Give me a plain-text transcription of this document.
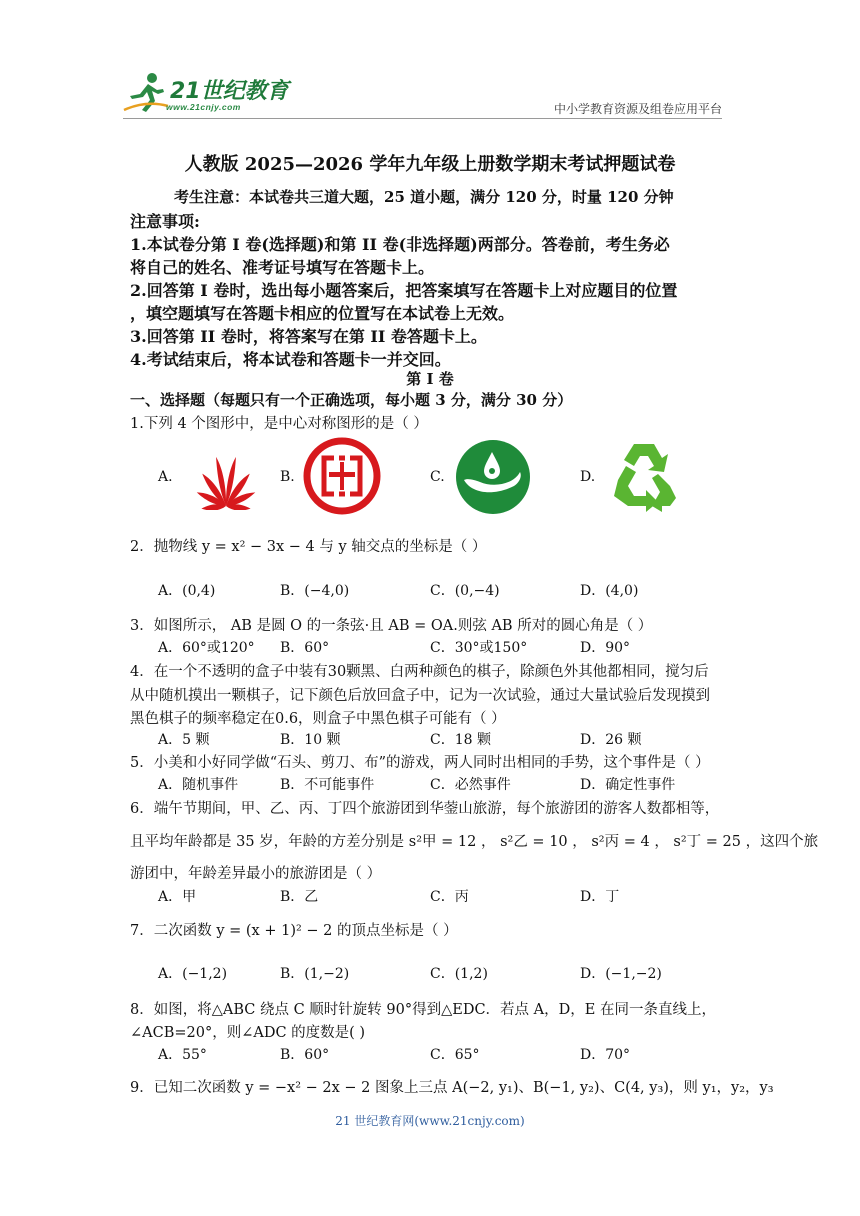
21世纪教育
www.21cnjy.com	中小学教育资源及组卷应用平台
人教版 2025—2026 学年九年级上册数学期末考试押题试卷
考生注意：本试卷共三道大题，25 道小题，满分 120 分，时量 120 分钟
注意事项:
1.本试卷分第 I 卷(选择题)和第 II 卷(非选择题)两部分。答卷前，考生务必
将自己的姓名、准考证号填写在答题卡上。
2.回答第 I 卷时，选出每小题答案后，把答案填写在答题卡上对应题目的位置
，填空题填写在答题卡相应的位置写在本试卷上无效。
3.回答第 II 卷时，将答案写在第 II 卷答题卡上。
4.考试结束后，将本试卷和答题卡一并交回。
第 I 卷
一、选择题（每题只有一个正确选项，每小题 3 分，满分 30 分）
1.下列 4 个图形中，是中心对称图形的是（ ）
A.	B.	C.	D.
2．抛物线 y = x² − 3x − 4 与 y 轴交点的坐标是（ ）
A．(0,4)	B．(−4,0)	C．(0,−4)	D．(4,0)
3．如图所示， AB 是圆 O 的一条弦·且 AB = OA.则弦 AB 所对的圆心角是（ ）
A．60°或120° B．60°	C．30°或150°	D．90°
4．在一个不透明的盒子中装有30颗黑、白两种颜色的棋子，除颜色外其他都相同，搅匀后
从中随机摸出一颗棋子，记下颜色后放回盒子中，记为一次试验，通过大量试验后发现摸到
黑色棋子的频率稳定在0.6，则盒子中黑色棋子可能有（ ）
A．5 颗	B．10 颗	C．18 颗	D．26 颗
5．小美和小好同学做“石头、剪刀、布”的游戏，两人同时出相同的手势，这个事件是（ ）
A．随机事件	B．不可能事件	C．必然事件	D．确定性事件
6．端午节期间，甲、乙、丙、丁四个旅游团到华蓥山旅游，每个旅游团的游客人数都相等，
且平均年龄都是 35 岁，年龄的方差分别是 s²甲 = 12 ， s²乙 = 10 ， s²丙 = 4 ， s²丁 = 25 ，这四个旅
游团中，年龄差异最小的旅游团是（ ）
A．甲	B．乙	C．丙	D．丁
7．二次函数 y = (x + 1)² − 2 的顶点坐标是（ ）
A．(−1,2)	B．(1,−2)	C．(1,2)	D．(−1,−2)
8．如图，将△ABC 绕点 C 顺时针旋转 90°得到△EDC．若点 A，D，E 在同一条直线上，
∠ACB=20°，则∠ADC 的度数是( )
A．55°	B．60°	C．65°	D．70°
9．已知二次函数 y = −x² − 2x − 2 图象上三点 A(−2, y₁)、B(−1, y₂)、C(4, y₃)，则 y₁，y₂，y₃
21 世纪教育网(www.21cnjy.com)
